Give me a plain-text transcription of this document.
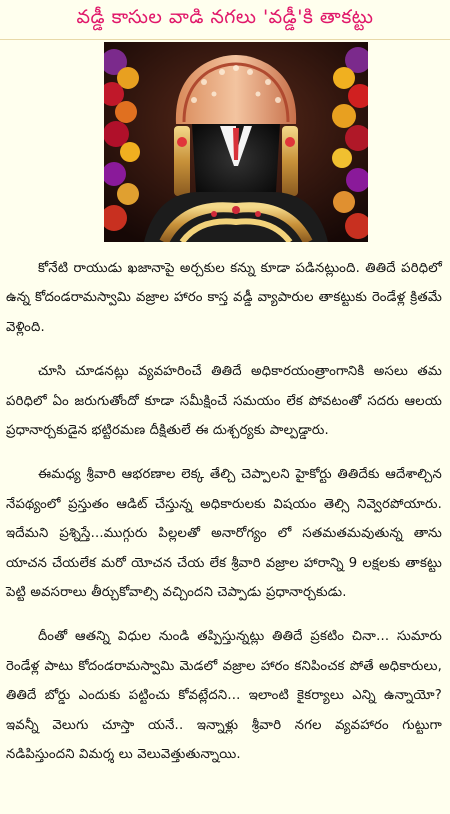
వడ్డీ కాసుల వాడి నగలు 'వడ్డీ'కి తాకట్టు

కోనేటి రాయుడు ఖజానాపై అర్చకుల కన్ను కూడా పడినట్లుంది. తితిదే పరిధిలో ఉన్న కోదండరామస్వామి వజ్రాల హారం కాస్త వడ్డీ వ్యాపారుల తాకట్టుకు రెండేళ్ల క్రితమే వెళ్లింది.

చూసి చూడనట్లు వ్యవహరించే తితిదే అధికారయంత్రాంగానికి అసలు తమ పరిధిలో ఏం జరుగుతోందో కూడా సమీక్షించే సమయం లేక పోవటంతో సదరు ఆలయ ప్రధానార్చకుడైన భట్టిరమణ దీక్షితులే ఈ దుశ్చర్యకు పాల్పడ్డారు.

ఈమధ్య శ్రీవారి ఆభరణాల లెక్క తేల్చి చెప్పాలని హైకోర్టు తితిదేకు ఆదేశాల్చిన నేపథ్యంలో ప్రస్తుతం ఆడిట్ చేస్తున్న అధికారులకు విషయం తెల్సి నివ్వెరపోయారు. ఇదేమని ప్రశ్నిస్తే...ముగ్గురు పిల్లలతో అనారోగ్యం లో సతమతమవుతున్న తాను యాచన చేయలేక మరో యోచన చేయ లేక శ్రీవారి వజ్రాల హారాన్ని 9 లక్షలకు తాకట్టు పెట్టి అవసరాలు తీర్చుకోవాల్సి వచ్చిందని చెప్పాడు ప్రధానార్చకుడు.

దీంతో ఆతన్ని విధుల నుండి తప్పిస్తున్నట్లు తితిదే ప్రకటిం చినా... సుమారు రెండేళ్ల పాటు కోదండరామస్వామి మెడలో వజ్రాల హారం కనిపించక పోతే అధికారులు, తితిదే బోర్డు ఎందుకు పట్టించు కోవట్లేదని... ఇలాంటి కైకర్యాలు ఎన్ని ఉన్నాయో? ఇవన్నీ వెలుగు చూస్తా యనే.. ఇన్నాళ్లు శ్రీవారి నగల వ్యవహారం గుట్టుగా నడిపిస్తుందని విమర్శ లు వెలువెత్తుతున్నాయి.
